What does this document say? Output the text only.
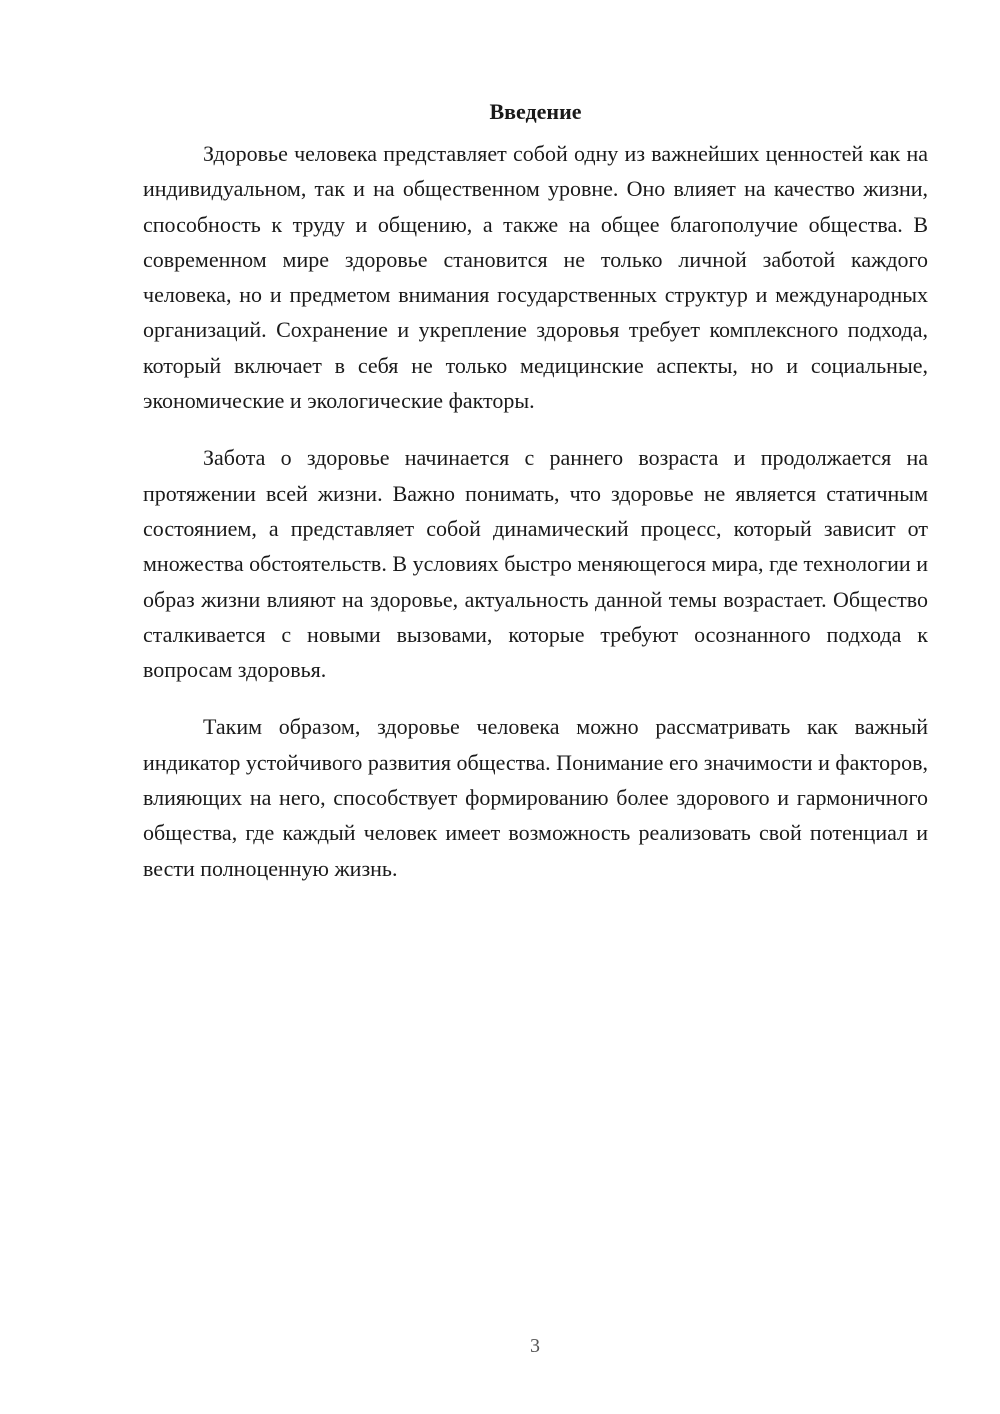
Введение

Здоровье человека представляет собой одну из важнейших ценностей как на индивидуальном, так и на общественном уровне. Оно влияет на качество жизни, способность к труду и общению, а также на общее благополучие общества. В современном мире здоровье становится не только личной заботой каждого человека, но и предметом внимания государственных структур и международных организаций. Сохранение и укрепление здоровья требует комплексного подхода, который включает в себя не только медицинские аспекты, но и социальные, экономические и экологические факторы.

Забота о здоровье начинается с раннего возраста и продолжается на протяжении всей жизни. Важно понимать, что здоровье не является статичным состоянием, а представляет собой динамический процесс, который зависит от множества обстоятельств. В условиях быстро меняющегося мира, где технологии и образ жизни влияют на здоровье, актуальность данной темы возрастает. Общество сталкивается с новыми вызовами, которые требуют осознанного подхода к вопросам здоровья.

Таким образом, здоровье человека можно рассматривать как важный индикатор устойчивого развития общества. Понимание его значимости и факторов, влияющих на него, способствует формированию более здорового и гармоничного общества, где каждый человек имеет возможность реализовать свой потенциал и вести полноценную жизнь.

3
